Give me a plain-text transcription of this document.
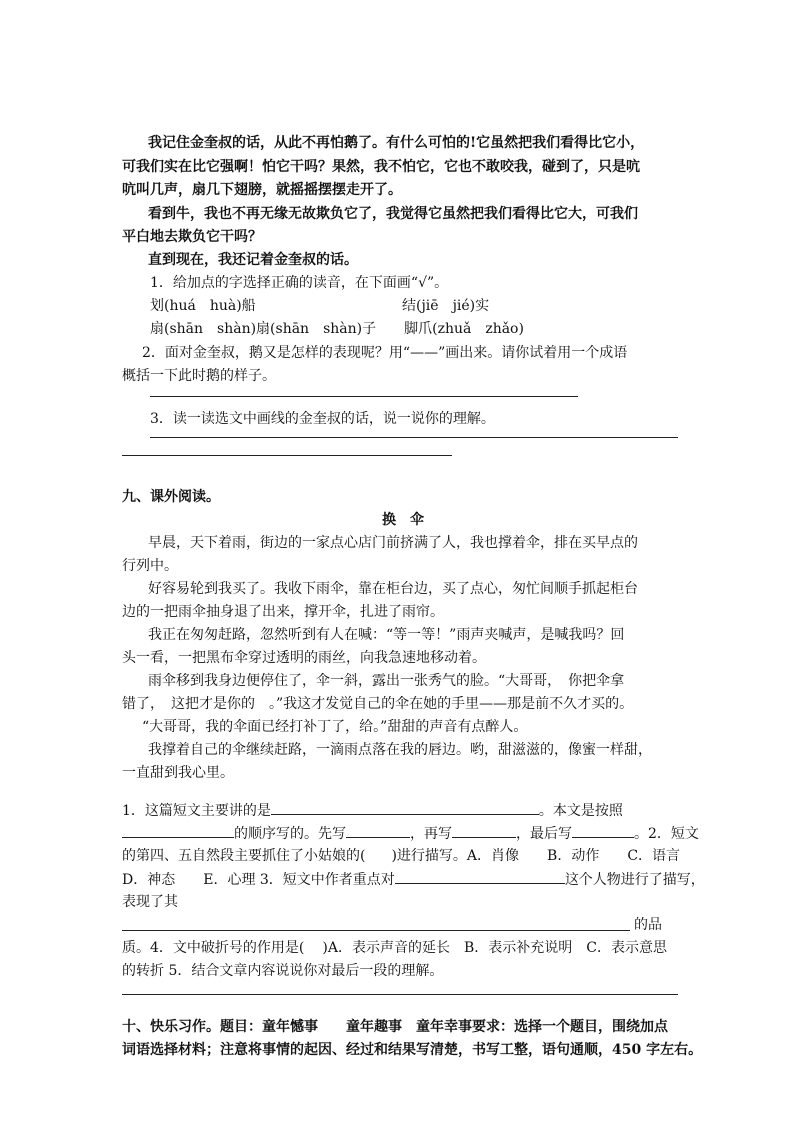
我记住金奎叔的话，从此不再怕鹅了。有什么可怕的!它虽然把我们看得比它小，
可我们实在比它强啊！怕它干吗？果然，我不怕它，它也不敢咬我，碰到了，只是吭
吭叫几声，扇几下翅膀，就摇摇摆摆走开了。
看到牛，我也不再无缘无故欺负它了，我觉得它虽然把我们看得比它大，可我们
平白地去欺负它干吗？
直到现在，我还记着金奎叔的话。
1．给加点的字选择正确的读音，在下面画“√”。
划(huá　huà)船	结(jiē　jié)实
扇(shān　shàn)扇(shān　shàn)子　　脚爪(zhuǎ　zhǎo)
2．面对金奎叔，鹅又是怎样的表现呢？用“——”画出来。请你试着用一个成语
概括一下此时鹅的样子。
3．读一读选文中画线的金奎叔的话，说一说你的理解。
九、课外阅读。
换　伞
早晨，天下着雨，街边的一家点心店门前挤满了人，我也撑着伞，排在买早点的
行列中。
好容易轮到我买了。我收下雨伞，靠在柜台边，买了点心，匆忙间顺手抓起柜台
边的一把雨伞抽身退了出来，撑开伞，扎进了雨帘。
我正在匆匆赶路，忽然听到有人在喊：“等一等！”雨声夹喊声，是喊我吗？回
头一看，一把黑布伞穿过透明的雨丝，向我急速地移动着。
雨伞移到我身边便停住了，伞一斜，露出一张秀气的脸。“大哥哥，　你把伞拿
错了，　这把才是你的　。”我这才发觉自己的伞在她的手里——那是前不久才买的。
“大哥哥，我的伞面已经打补丁了，给。”甜甜的声音有点醉人。
我撑着自己的伞继续赶路，一滴雨点落在我的唇边。哟，甜滋滋的，像蜜一样甜，
一直甜到我心里。
1．这篇短文主要讲的是	。本文是按照
的顺序写的。先写	，再写	，最后写	。2．短文
的第四、五自然段主要抓住了小姑娘的( )进行描写。A．肖像　　B．动作　　C．语言
D．神态　　E．心理 3．短文中作者重点对	这个人物进行了描写，
表现了其
的品
质。4．文中破折号的作用是( )A．表示声音的延长　B．表示补充说明　C．表示意思
的转折 5．结合文章内容说说你对最后一段的理解。
十、快乐习作。题目：童年憾事　　童年趣事　童年幸事要求：选择一个题目，围绕加点
词语选择材料；注意将事情的起因、经过和结果写清楚，书写工整，语句通顺，450 字左右。
